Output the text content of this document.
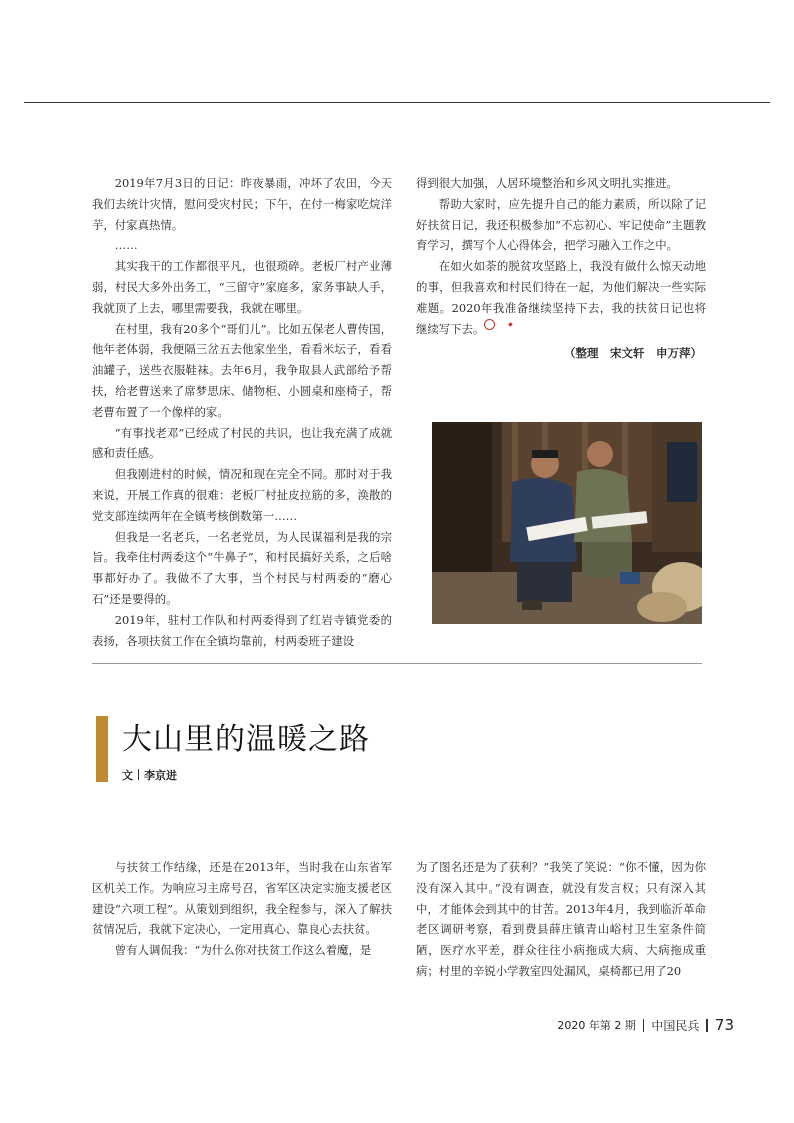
2019年7月3日的日记：昨夜暴雨，冲坏了农田，今天我们去统计灾情，慰问受灾村民；下午，在付一梅家吃烷洋芋，付家真热情。

……

其实我干的工作都很平凡，也很琐碎。老板厂村产业薄弱，村民大多外出务工，“三留守”家庭多，家务事缺人手，我就顶了上去，哪里需要我，我就在哪里。

在村里，我有20多个“哥们儿”。比如五保老人曹传国，他年老体弱，我便隔三岔五去他家坐坐，看看米坛子，看看油罐子，送些衣服鞋袜。去年6月，我争取县人武部给予帮扶，给老曹送来了席梦思床、储物柜、小圆桌和座椅子，帮老曹布置了一个像样的家。

“有事找老邓”已经成了村民的共识，也让我充满了成就感和责任感。

但我刚进村的时候，情况和现在完全不同。那时对于我来说，开展工作真的很难：老板厂村扯皮拉筋的多，涣散的党支部连续两年在全镇考核倒数第一……

但我是一名老兵，一名老党员，为人民谋福利是我的宗旨。我牵住村两委这个“牛鼻子”，和村民搞好关系，之后啥事都好办了。我做不了大事，当个村民与村两委的“磨心石”还是要得的。

2019年，驻村工作队和村两委得到了红岩寺镇党委的表扬，各项扶贫工作在全镇均靠前，村两委班子建设

得到很大加强，人居环境整治和乡风文明扎实推进。

帮助大家时，应先提升自己的能力素质，所以除了记好扶贫日记，我还积极参加“不忘初心、牢记使命”主题教育学习，撰写个人心得体会，把学习融入工作之中。

在如火如荼的脱贫攻坚路上，我没有做什么惊天动地的事，但我喜欢和村民们待在一起，为他们解决一些实际难题。2020年我准备继续坚持下去，我的扶贫日记也将继续写下去。	◆

（整理　宋文轩　申万萍）
大山里的温暖之路
文 李京进

与扶贫工作结缘，还是在2013年，当时我在山东省军区机关工作。为响应习主席号召，省军区决定实施支援老区建设“六项工程”。从策划到组织，我全程参与，深入了解扶贫情况后，我就下定决心，一定用真心、靠良心去扶贫。

曾有人调侃我：“为什么你对扶贫工作这么着魔，是

为了图名还是为了获利？”我笑了笑说：“你不懂，因为你没有深入其中。”没有调查，就没有发言权；只有深入其中，才能体会到其中的甘苦。2013年4月，我到临沂革命老区调研考察，看到费县薛庄镇青山峪村卫生室条件简陋，医疗水平差，群众往往小病拖成大病、大病拖成重病；村里的辛锐小学教室四处漏风，桌椅都已用了20

2020 年第 2 期 中国民兵 73
